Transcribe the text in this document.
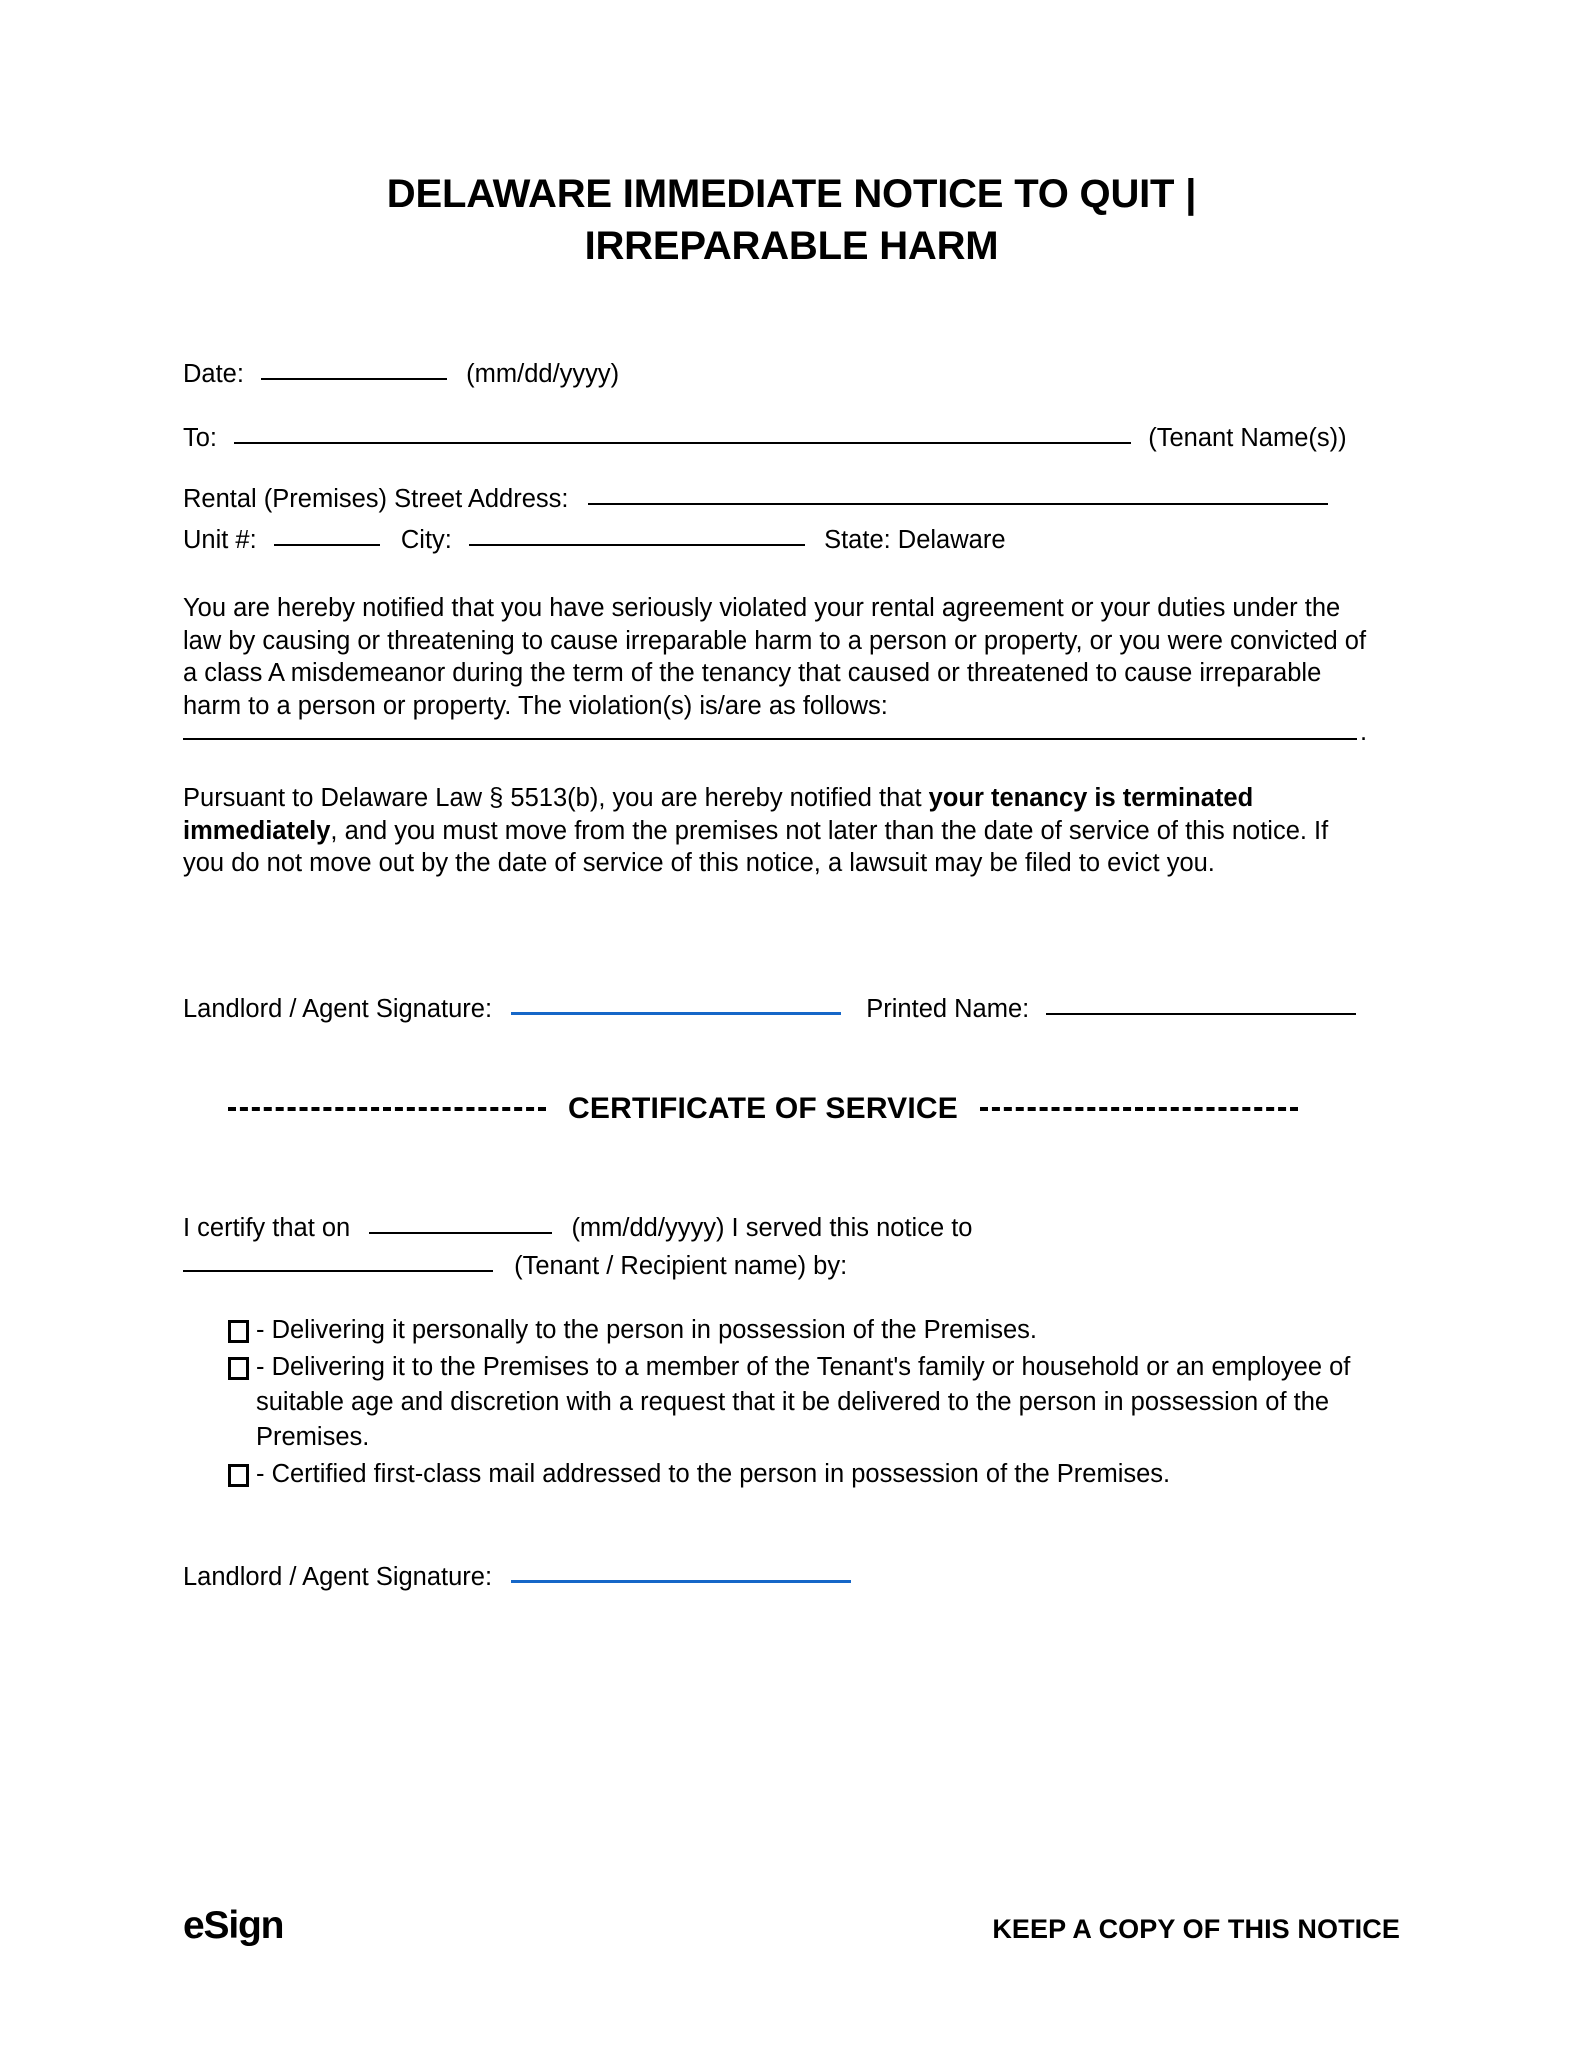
DELAWARE IMMEDIATE NOTICE TO QUIT |
IRREPARABLE HARM
Date:	(mm/dd/yyyy)
To:	(Tenant Name(s))
Rental (Premises) Street Address:
Unit #:	City:	State: Delaware
You are hereby notified that you have seriously violated your rental agreement or your duties under the law by causing or threatening to cause irreparable harm to a person or property, or you were convicted of a class A misdemeanor during the term of the tenancy that caused or threatened to cause irreparable harm to a person or property. The violation(s) is/are as follows:
.
Pursuant to Delaware Law § 5513(b), you are hereby notified that your tenancy is terminated immediately, and you must move from the premises not later than the date of service of this notice. If you do not move out by the date of service of this notice, a lawsuit may be filed to evict you.
Landlord / Agent Signature:	Printed Name:
CERTIFICATE OF SERVICE
I certify that on	(mm/dd/yyyy) I served this notice to
(Tenant / Recipient name) by:
- Delivering it personally to the person in possession of the Premises.
- Delivering it to the Premises to a member of the Tenant's family or household or an employee of suitable age and discretion with a request that it be delivered to the person in possession of the Premises.
- Certified first-class mail addressed to the person in possession of the Premises.
Landlord / Agent Signature:
eSign	KEEP A COPY OF THIS NOTICE
